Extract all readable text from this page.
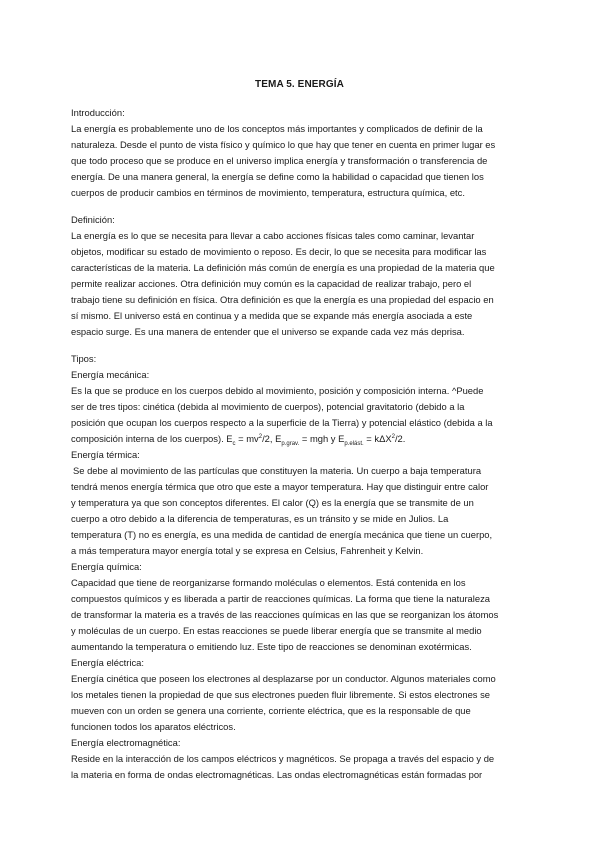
TEMA 5. ENERGÍA
Introducción:
La energía es probablemente uno de los conceptos más importantes y complicados de definir de la
naturaleza. Desde el punto de vista físico y químico lo que hay que tener en cuenta en primer lugar es
que todo proceso que se produce en el universo implica energía y transformación o transferencia de
energía. De una manera general, la energía se define como la habilidad o capacidad que tienen los
cuerpos de producir cambios en términos de movimiento, temperatura, estructura química, etc.
Definición:
La energía es lo que se necesita para llevar a cabo acciones físicas tales como caminar, levantar
objetos, modificar su estado de movimiento o reposo. Es decir, lo que se necesita para modificar las
características de la materia. La definición más común de energía es una propiedad de la materia que
permite realizar acciones. Otra definición muy común es la capacidad de realizar trabajo, pero el
trabajo tiene su definición en física. Otra definición es que la energía es una propiedad del espacio en
sí mismo. El universo está en continua y a medida que se expande más energía asociada a este
espacio surge. Es una manera de entender que el universo se expande cada vez más deprisa.
Tipos:
Energía mecánica:
Es la que se produce en los cuerpos debido al movimiento, posición y composición interna. ^Puede
ser de tres tipos: cinética (debida al movimiento de cuerpos), potencial gravitatorio (debido a la
posición que ocupan los cuerpos respecto a la superficie de la Tierra) y potencial elástico (debida a la
composición interna de los cuerpos). $E_c = mv^2/2$, $E_{p.grav.}$ = mgh y $E_{p.elást.} = k\Delta X^2/2$.
Energía térmica:
Se debe al movimiento de las partículas que constituyen la materia. Un cuerpo a baja temperatura
tendrá menos energía térmica que otro que este a mayor temperatura. Hay que distinguir entre calor
y temperatura ya que son conceptos diferentes. El calor (Q) es la energía que se transmite de un
cuerpo a otro debido a la diferencia de temperaturas, es un tránsito y se mide en Julios. La
temperatura (T) no es energía, es una medida de cantidad de energía mecánica que tiene un cuerpo,
a más temperatura mayor energía total y se expresa en Celsius, Fahrenheit y Kelvin.
Energía química:
Capacidad que tiene de reorganizarse formando moléculas o elementos. Está contenida en los
compuestos químicos y es liberada a partir de reacciones químicas. La forma que tiene la naturaleza
de transformar la materia es a través de las reacciones químicas en las que se reorganizan los átomos
y moléculas de un cuerpo. En estas reacciones se puede liberar energía que se transmite al medio
aumentando la temperatura o emitiendo luz. Este tipo de reacciones se denominan exotérmicas.
Energía eléctrica:
Energía cinética que poseen los electrones al desplazarse por un conductor. Algunos materiales como
los metales tienen la propiedad de que sus electrones pueden fluir libremente. Si estos electrones se
mueven con un orden se genera una corriente, corriente eléctrica, que es la responsable de que
funcionen todos los aparatos eléctricos.
Energía electromagnética:
Reside en la interacción de los campos eléctricos y magnéticos. Se propaga a través del espacio y de
la materia en forma de ondas electromagnéticas. Las ondas electromagnéticas están formadas por
